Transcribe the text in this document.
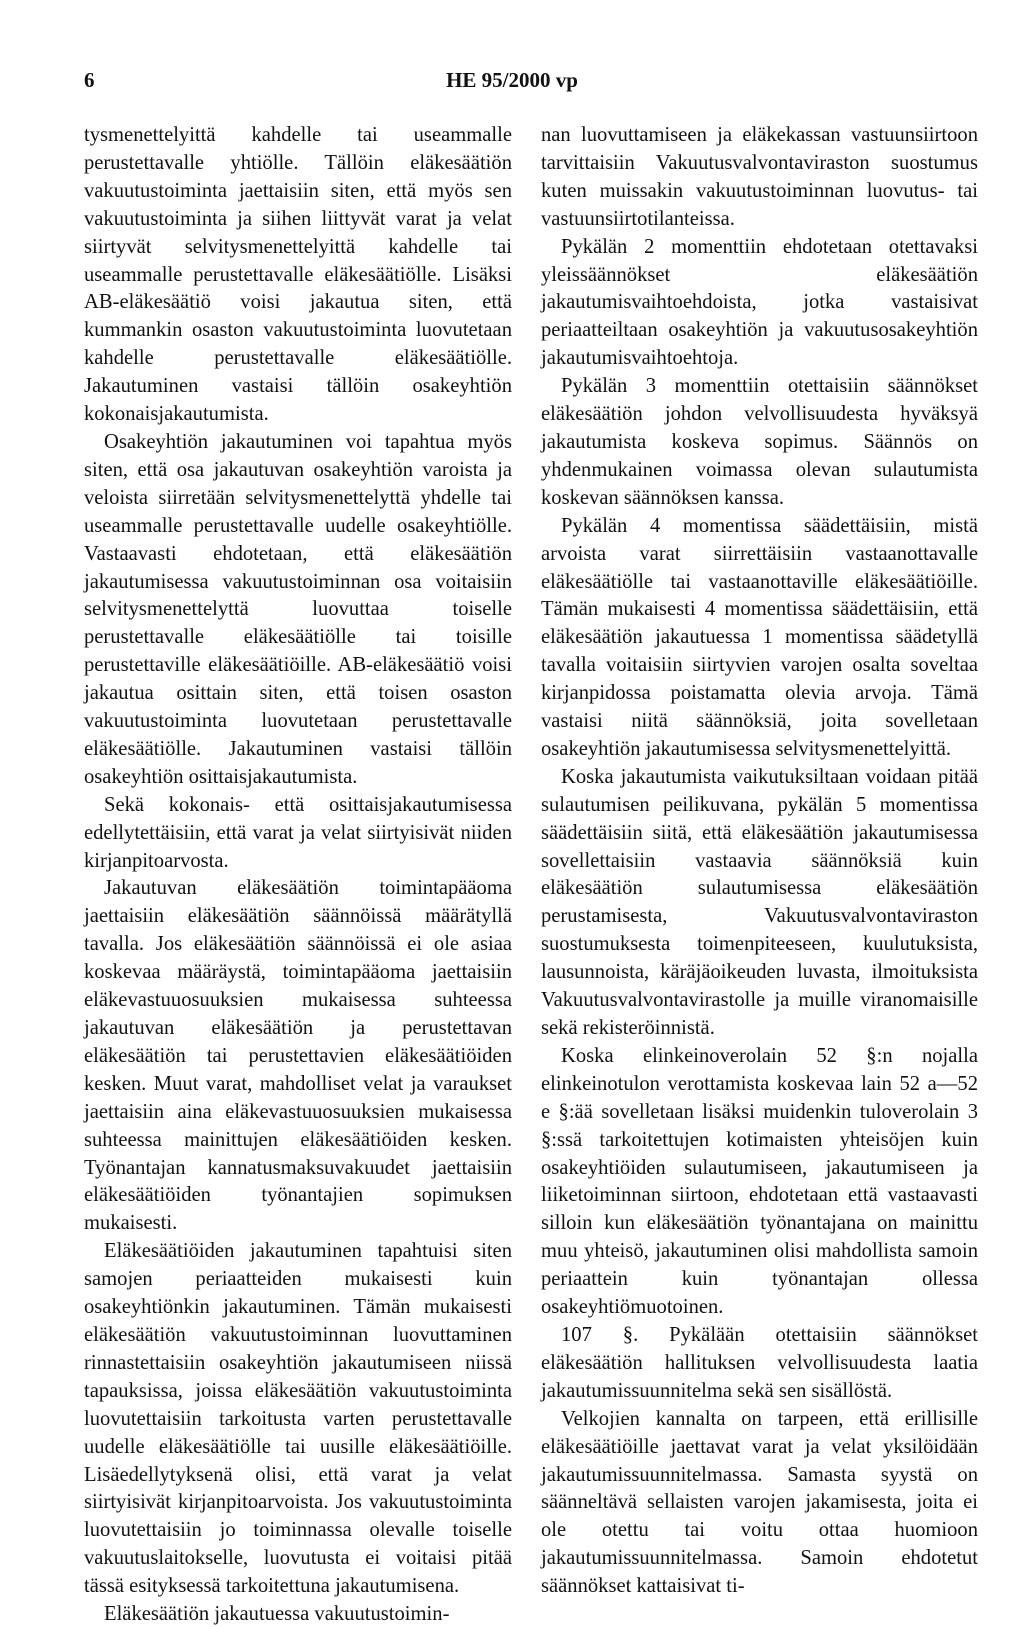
6	HE 95/2000 vp

tysmenettelyittä kahdelle tai useammalle perustettavalle yhtiölle. Tällöin eläkesäätiön vakuutustoiminta jaettaisiin siten, että myös sen vakuutustoiminta ja siihen liittyvät varat ja velat siirtyvät selvitysmenettelyittä kahdelle tai useammalle perustettavalle eläkesäätiölle. Lisäksi AB-eläkesäätiö voisi jakautua siten, että kummankin osaston vakuutustoiminta luovutetaan kahdelle perustettavalle eläkesäätiölle. Jakautuminen vastaisi tällöin osakeyhtiön kokonaisjakautumista.

Osakeyhtiön jakautuminen voi tapahtua myös siten, että osa jakautuvan osakeyhtiön varoista ja veloista siirretään selvitysmenettelyttä yhdelle tai useammalle perustettavalle uudelle osakeyhtiölle. Vastaavasti ehdotetaan, että eläkesäätiön jakautumisessa vakuutustoiminnan osa voitaisiin selvitysmenettelyttä luovuttaa toiselle perustettavalle eläkesäätiölle tai toisille perustettaville eläkesäätiöille. AB-eläkesäätiö voisi jakautua osittain siten, että toisen osaston vakuutustoiminta luovutetaan perustettavalle eläkesäätiölle. Jakautuminen vastaisi tällöin osakeyhtiön osittaisjakautumista.

Sekä kokonais- että osittaisjakautumisessa edellytettäisiin, että varat ja velat siirtyisivät niiden kirjanpitoarvosta.

Jakautuvan eläkesäätiön toimintapääoma jaettaisiin eläkesäätiön säännöissä määrätyllä tavalla. Jos eläkesäätiön säännöissä ei ole asiaa koskevaa määräystä, toimintapääoma jaettaisiin eläkevastuuosuuksien mukaisessa suhteessa jakautuvan eläkesäätiön ja perustettavan eläkesäätiön tai perustettavien eläkesäätiöiden kesken. Muut varat, mahdolliset velat ja varaukset jaettaisiin aina eläkevastuuosuuksien mukaisessa suhteessa mainittujen eläkesäätiöiden kesken. Työnantajan kannatusmaksuvakuudet jaettaisiin eläkesäätiöiden työnantajien sopimuksen mukaisesti.

Eläkesäätiöiden jakautuminen tapahtuisi siten samojen periaatteiden mukaisesti kuin osakeyhtiönkin jakautuminen. Tämän mukaisesti eläkesäätiön vakuutustoiminnan luovuttaminen rinnastettaisiin osakeyhtiön jakautumiseen niissä tapauksissa, joissa eläkesäätiön vakuutustoiminta luovutettaisiin tarkoitusta varten perustettavalle uudelle eläkesäätiölle tai uusille eläkesäätiöille. Lisäedellytyksenä olisi, että varat ja velat siirtyisivät kirjanpitoarvoista. Jos vakuutustoiminta luovutettaisiin jo toiminnassa olevalle toiselle vakuutuslaitokselle, luovutusta ei voitaisi pitää tässä esityksessä tarkoitettuna jakautumisena.

Eläkesäätiön jakautuessa vakuutustoimin-

nan luovuttamiseen ja eläkekassan vastuunsiirtoon tarvittaisiin Vakuutusvalvontaviraston suostumus kuten muissakin vakuutustoiminnan luovutus- tai vastuunsiirtotilanteissa.

Pykälän 2 momenttiin ehdotetaan otettavaksi yleissäännökset eläkesäätiön jakautumisvaihtoehdoista, jotka vastaisivat periaatteiltaan osakeyhtiön ja vakuutusosakeyhtiön jakautumisvaihtoehtoja.

Pykälän 3 momenttiin otettaisiin säännökset eläkesäätiön johdon velvollisuudesta hyväksyä jakautumista koskeva sopimus. Säännös on yhdenmukainen voimassa olevan sulautumista koskevan säännöksen kanssa.

Pykälän 4 momentissa säädettäisiin, mistä arvoista varat siirrettäisiin vastaanottavalle eläkesäätiölle tai vastaanottaville eläkesäätiöille. Tämän mukaisesti 4 momentissa säädettäisiin, että eläkesäätiön jakautuessa 1 momentissa säädetyllä tavalla voitaisiin siirtyvien varojen osalta soveltaa kirjanpidossa poistamatta olevia arvoja. Tämä vastaisi niitä säännöksiä, joita sovelletaan osakeyhtiön jakautumisessa selvitysmenettelyittä.

Koska jakautumista vaikutuksiltaan voidaan pitää sulautumisen peilikuvana, pykälän 5 momentissa säädettäisiin siitä, että eläkesäätiön jakautumisessa sovellettaisiin vastaavia säännöksiä kuin eläkesäätiön sulautumisessa eläkesäätiön perustamisesta, Vakuutusvalvontaviraston suostumuksesta toimenpiteeseen, kuulutuksista, lausunnoista, käräjäoikeuden luvasta, ilmoituksista Vakuutusvalvontavirastolle ja muille viranomaisille sekä rekisteröinnistä.

Koska elinkeinoverolain 52 §:n nojalla elinkeinotulon verottamista koskevaa lain 52 a—52 e §:ää sovelletaan lisäksi muidenkin tuloverolain 3 §:ssä tarkoitettujen kotimaisten yhteisöjen kuin osakeyhtiöiden sulautumiseen, jakautumiseen ja liiketoiminnan siirtoon, ehdotetaan että vastaavasti silloin kun eläkesäätiön työnantajana on mainittu muu yhteisö, jakautuminen olisi mahdollista samoin periaattein kuin työnantajan ollessa osakeyhtiömuotoinen.

107 §. Pykälään otettaisiin säännökset eläkesäätiön hallituksen velvollisuudesta laatia jakautumissuunnitelma sekä sen sisällöstä.

Velkojien kannalta on tarpeen, että erillisille eläkesäätiöille jaettavat varat ja velat yksilöidään jakautumissuunnitelmassa. Samasta syystä on säänneltävä sellaisten varojen jakamisesta, joita ei ole otettu tai voitu ottaa huomioon jakautumissuunnitelmassa. Samoin ehdotetut säännökset kattaisivat ti-
